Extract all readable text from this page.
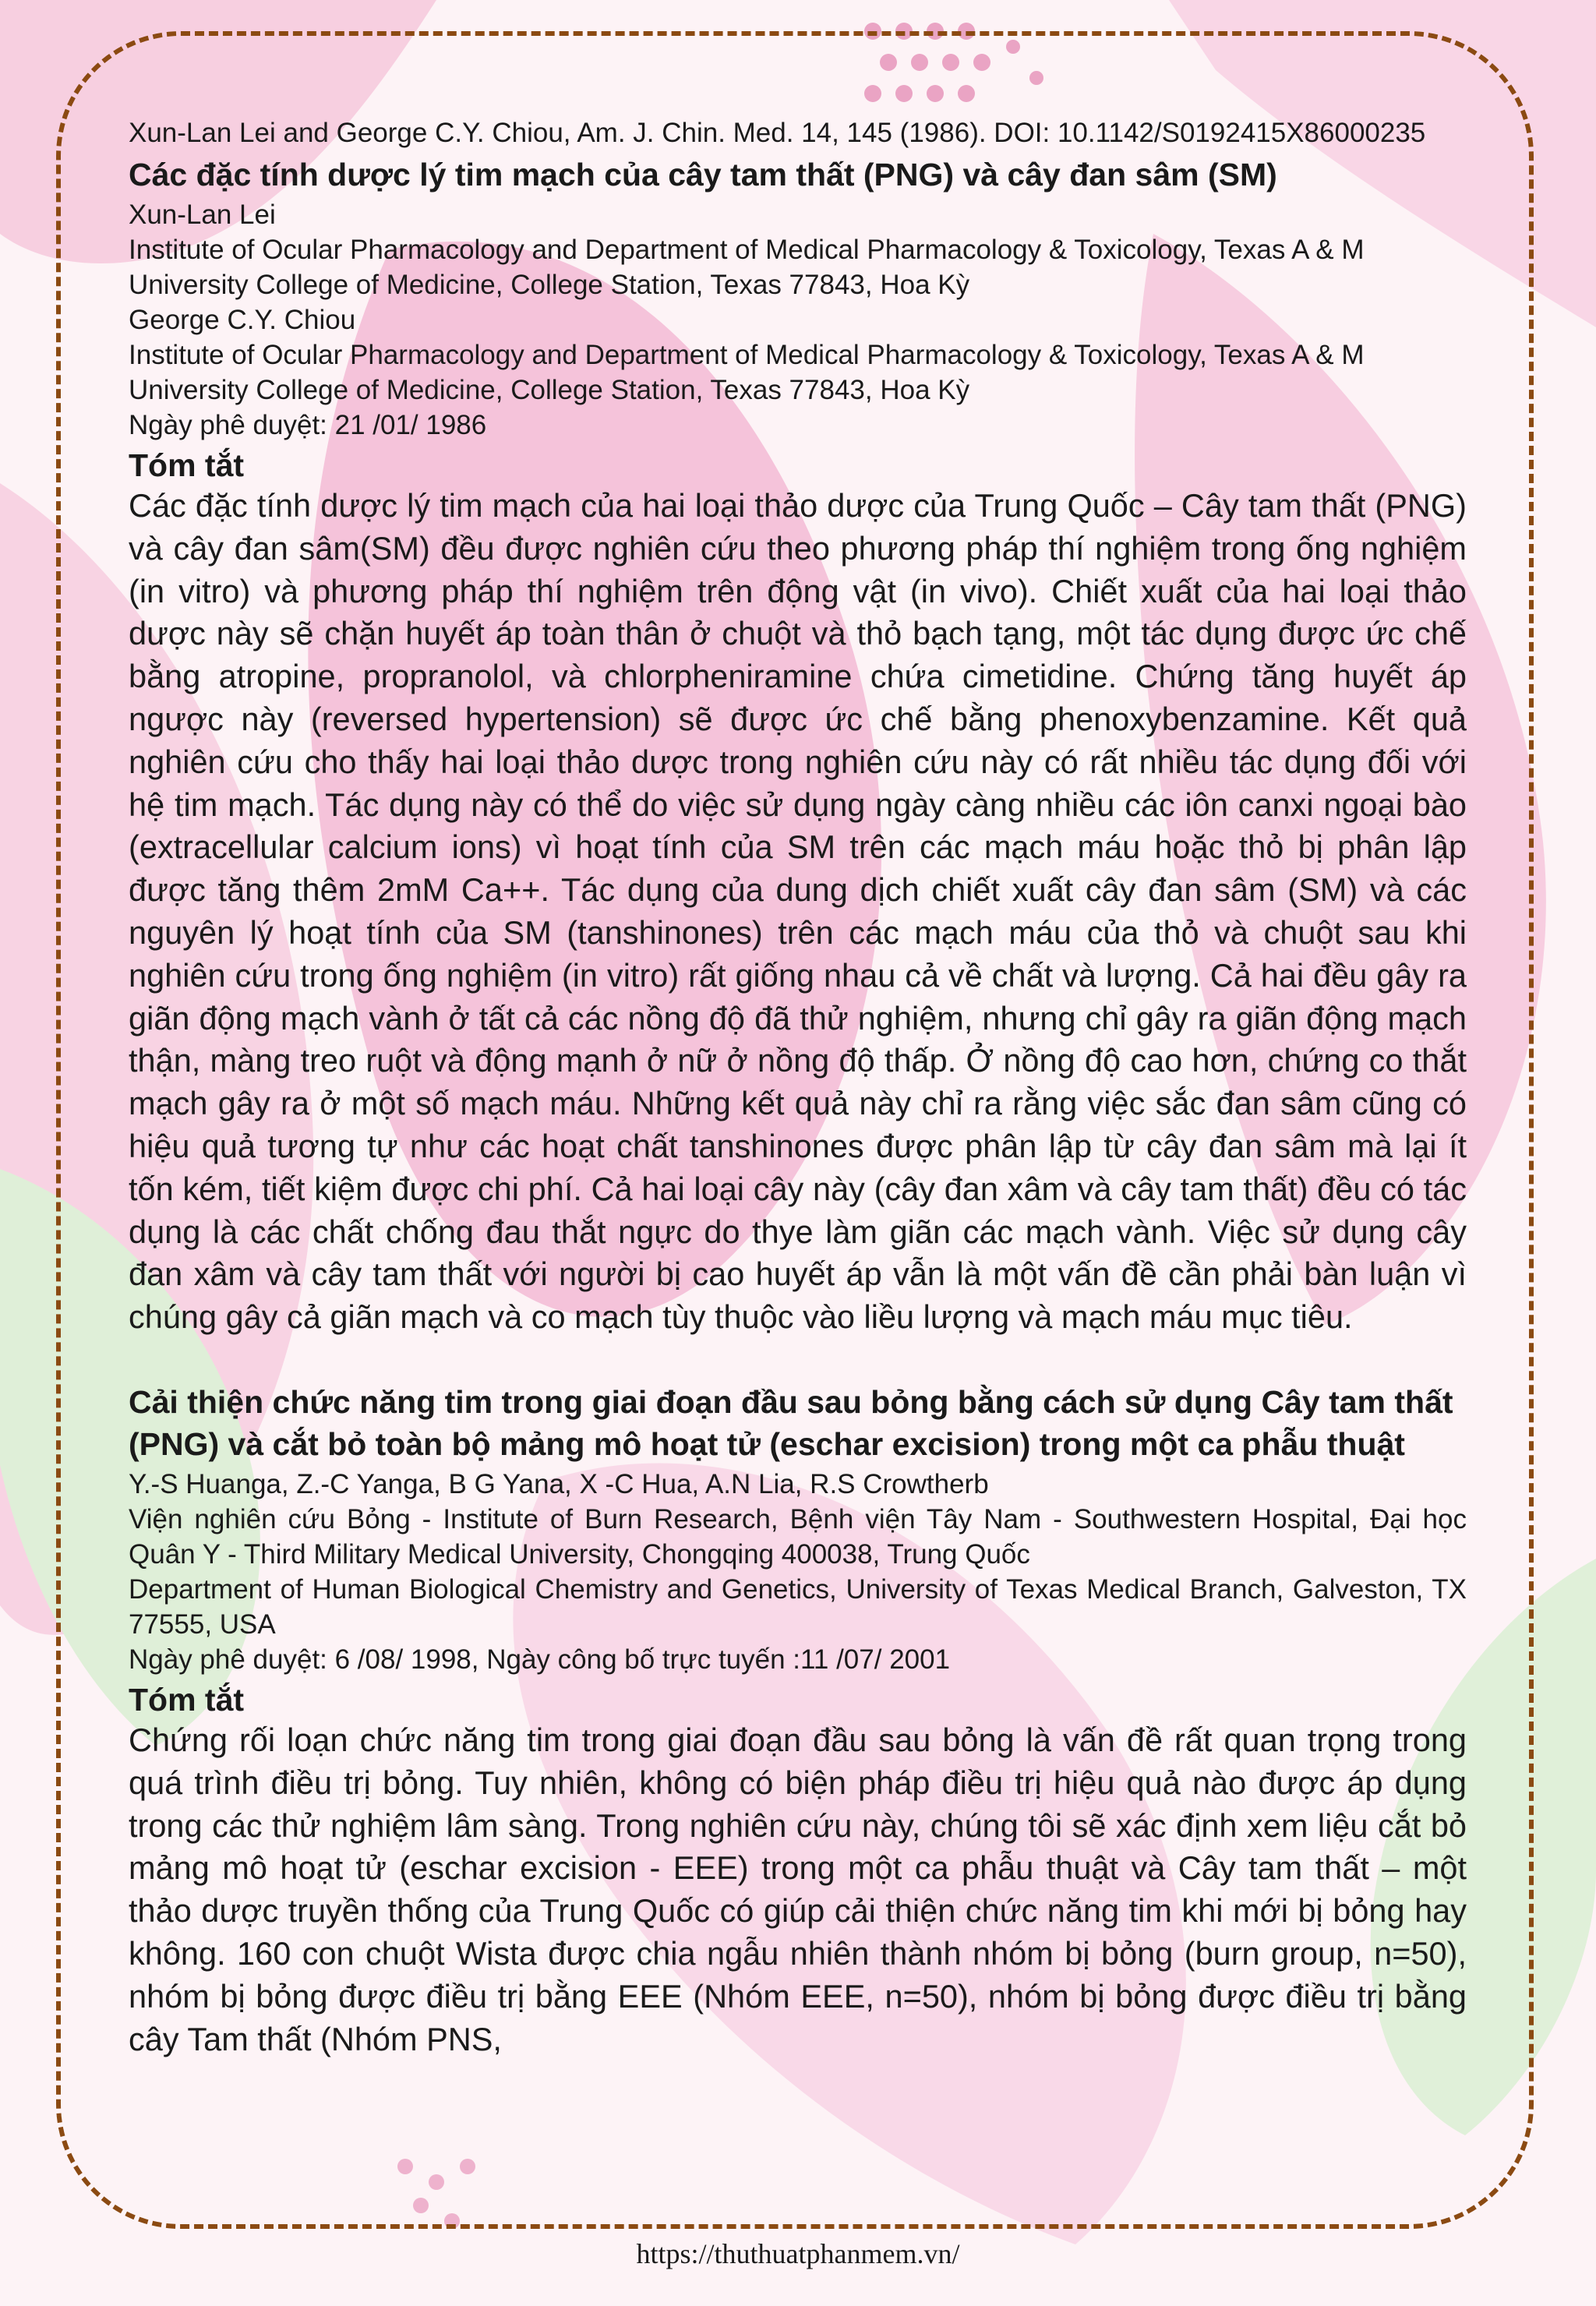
Xun-Lan Lei and George C.Y. Chiou, Am. J. Chin. Med. 14, 145 (1986). DOI: 10.1142/S0192415X86000235
Các đặc tính dược lý tim mạch của cây tam thất (PNG) và cây đan sâm (SM)
Xun-Lan Lei
Institute of Ocular Pharmacology and Department of Medical Pharmacology & Toxicology, Texas A & M University College of Medicine, College Station, Texas 77843, Hoa Kỳ
George C.Y. Chiou
Institute of Ocular Pharmacology and Department of Medical Pharmacology & Toxicology, Texas A & M University College of Medicine, College Station, Texas 77843, Hoa Kỳ
Ngày phê duyệt: 21 /01/ 1986
Tóm tắt
Các đặc tính dược lý tim mạch của hai loại thảo dược của Trung Quốc – Cây tam thất (PNG) và cây đan sâm(SM) đều được nghiên cứu theo phương pháp thí nghiệm trong ống nghiệm (in vitro) và phương pháp thí nghiệm trên động vật (in vivo). Chiết xuất của hai loại thảo dược này sẽ chặn huyết áp toàn thân ở chuột và thỏ bạch tạng, một tác dụng được ức chế bằng atropine, propranolol, và chlorpheniramine chứa cimetidine. Chứng tăng huyết áp ngược này (reversed hypertension) sẽ được ức chế bằng phenoxybenzamine. Kết quả nghiên cứu cho thấy hai loại thảo dược trong nghiên cứu này có rất nhiều tác dụng đối với hệ tim mạch. Tác dụng này có thể do việc sử dụng ngày càng nhiều các iôn canxi ngoại bào (extracellular calcium ions) vì hoạt tính của SM trên các mạch máu hoặc thỏ bị phân lập được tăng thêm 2mM Ca++. Tác dụng của dung dịch chiết xuất cây đan sâm (SM) và các nguyên lý hoạt tính của SM (tanshinones) trên các mạch máu của thỏ và chuột sau khi nghiên cứu trong ống nghiệm (in vitro) rất giống nhau cả về chất và lượng. Cả hai đều gây ra giãn động mạch vành ở tất cả các nồng độ đã thử nghiệm, nhưng chỉ gây ra giãn động mạch thận, màng treo ruột và động mạnh ở nữ ở nồng độ thấp. Ở nồng độ cao hơn, chứng co thắt mạch gây ra ở một số mạch máu. Những kết quả này chỉ ra rằng việc sắc đan sâm cũng có hiệu quả tương tự như các hoạt chất tanshinones được phân lập từ cây đan sâm mà lại ít tốn kém, tiết kiệm được chi phí. Cả hai loại cây này (cây đan xâm và cây tam thất) đều có tác dụng là các chất chống đau thắt ngực do thye làm giãn các mạch vành. Việc sử dụng cây đan xâm và cây tam thất với người bị cao huyết áp vẫn là một vấn đề cần phải bàn luận vì chúng gây cả giãn mạch và co mạch tùy thuộc vào liều lượng và mạch máu mục tiêu.
Cải thiện chức năng tim trong giai đoạn đầu sau bỏng bằng cách sử dụng Cây tam thất (PNG) và cắt bỏ toàn bộ mảng mô hoạt tử (eschar excision) trong một ca phẫu thuật
Y.-S Huanga, Z.-C Yanga, B G Yana, X -C Hua, A.N Lia, R.S Crowtherb
Viện nghiên cứu Bỏng - Institute of Burn Research, Bệnh viện Tây Nam - Southwestern Hospital, Đại học Quân Y - Third Military Medical University, Chongqing 400038, Trung Quốc
Department of Human Biological Chemistry and Genetics, University of Texas Medical Branch, Galveston, TX 77555, USA
Ngày phê duyệt: 6 /08/ 1998, Ngày công bố trực tuyến :11 /07/ 2001
Tóm tắt
Chứng rối loạn chức năng tim trong giai đoạn đầu sau bỏng là vấn đề rất quan trọng trong quá trình điều trị bỏng. Tuy nhiên, không có biện pháp điều trị hiệu quả nào được áp dụng trong các thử nghiệm lâm sàng. Trong nghiên cứu này, chúng tôi sẽ xác định xem liệu cắt bỏ mảng mô hoạt tử (eschar excision - EEE) trong một ca phẫu thuật và Cây tam thất – một thảo dược truyền thống của Trung Quốc có giúp cải thiện chức năng tim khi mới bị bỏng hay không. 160 con chuột Wista được chia ngẫu nhiên thành nhóm bị bỏng (burn group, n=50), nhóm bị bỏng được điều trị bằng EEE (Nhóm EEE, n=50), nhóm bị bỏng được điều trị bằng cây Tam thất (Nhóm PNS,
https://thuthuatphanmem.vn/
